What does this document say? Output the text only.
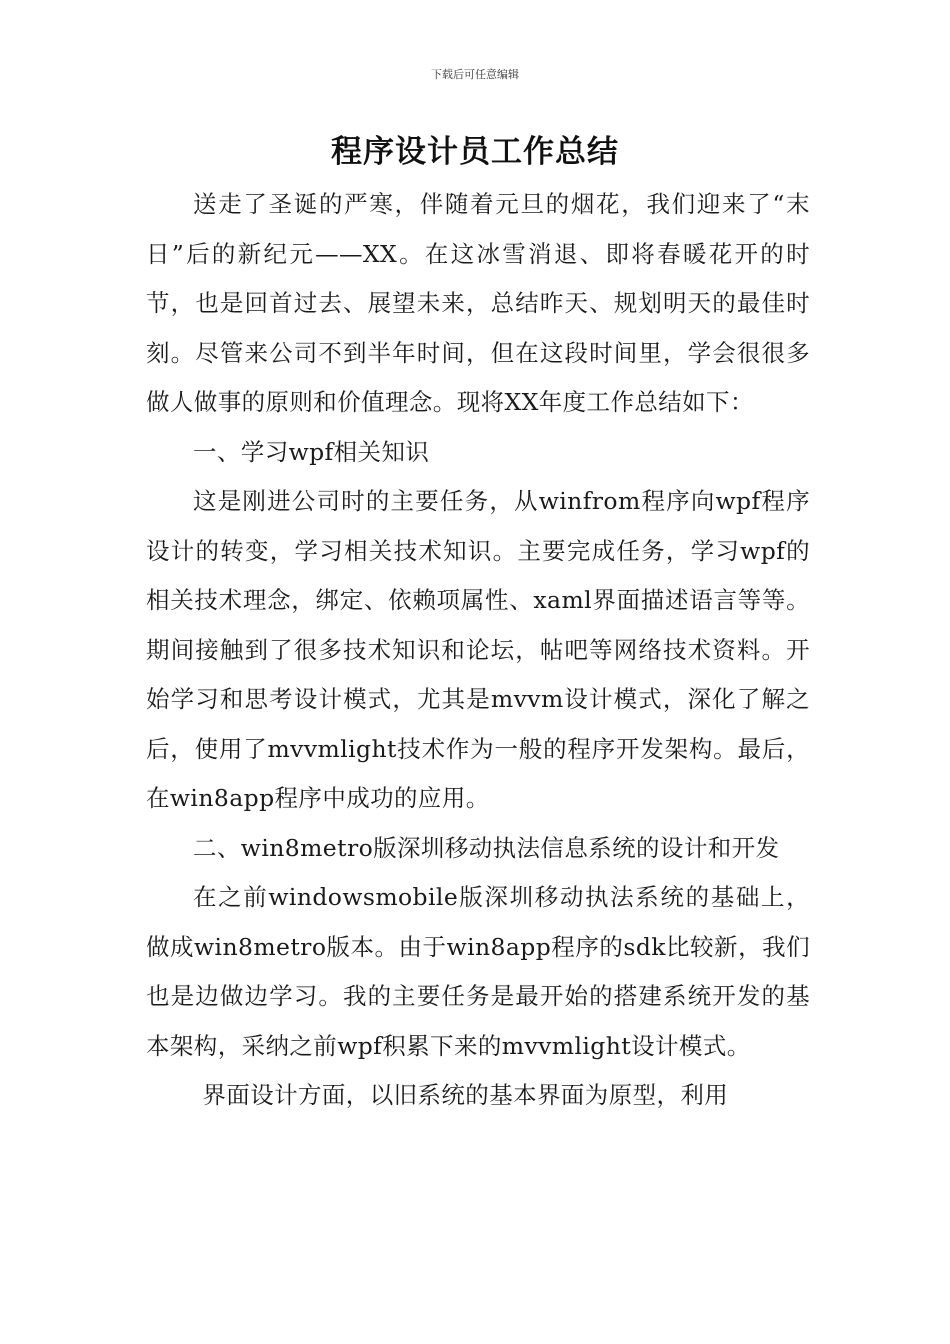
下载后可任意编辑
程序设计员工作总结

送走了圣诞的严寒，伴随着元旦的烟花，我们迎来了“末日”后的新纪元——XX。在这冰雪消退、即将春暖花开的时节，也是回首过去、展望未来，总结昨天、规划明天的最佳时刻。尽管来公司不到半年时间，但在这段时间里，学会很很多做人做事的原则和价值理念。现将XX年度工作总结如下：

一、学习wpf相关知识

这是刚进公司时的主要任务，从winfrom程序向wpf程序设计的转变，学习相关技术知识。主要完成任务，学习wpf的相关技术理念，绑定、依赖项属性、xaml界面描述语言等等。期间接触到了很多技术知识和论坛，帖吧等网络技术资料。开始学习和思考设计模式，尤其是mvvm设计模式，深化了解之后，使用了mvvmlight技术作为一般的程序开发架构。最后，在win8app程序中成功的应用。

二、win8metro版深圳移动执法信息系统的设计和开发

在之前windowsmobile版深圳移动执法系统的基础上，做成win8metro版本。由于win8app程序的sdk比较新，我们也是边做边学习。我的主要任务是最开始的搭建系统开发的基本架构，采纳之前wpf积累下来的mvvmlight设计模式。

界面设计方面，以旧系统的基本界面为原型，利用
